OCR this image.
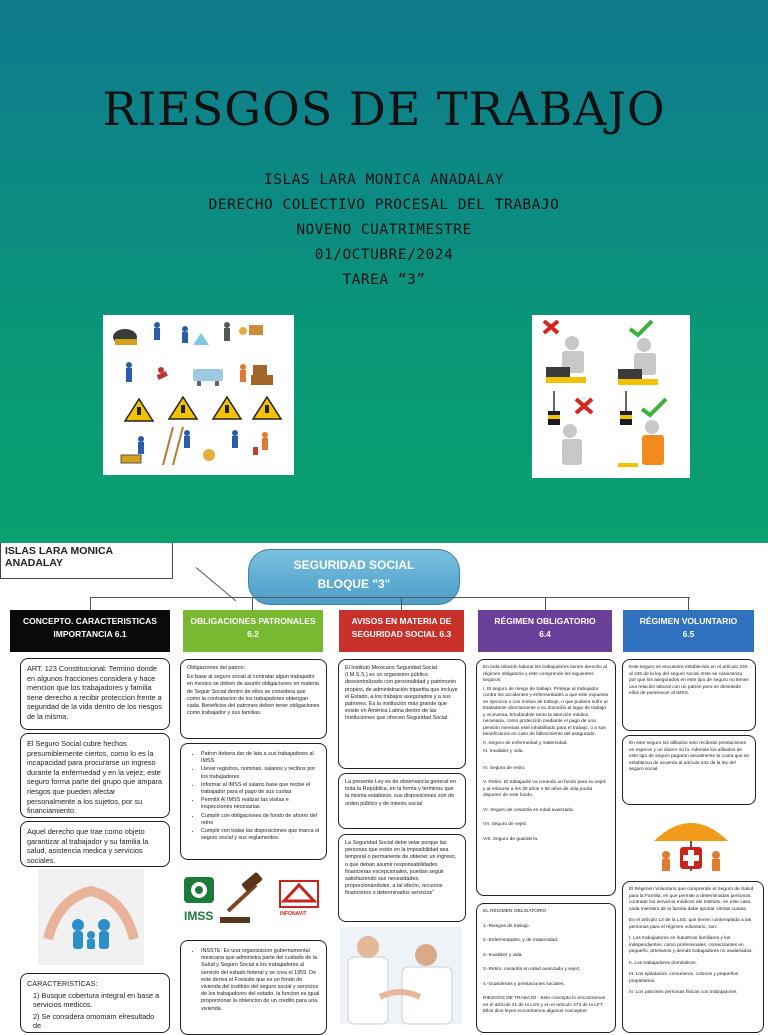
RIESGOS DE TRABAJO
ISLAS LARA MONICA ANADALAY
DERECHO COLECTIVO PROCESAL DEL TRABAJO
NOVENO CUATRIMESTRE
01/OCTUBRE/2024
TAREA “3”
ISLAS LARA MONICA ANADALAY	SEGURIDAD SOCIAL
BLOQUE "3"
CONCEPTO. CARACTERISTICAS
IMPORTANCIA 6.1
OBLIGACIONES PATRONALES
6.2
AVISOS EN MATERIA DE
SEGURIDAD SOCIAL 6.3
RÉGIMEN OBLIGATORIO
6.4
RÉGIMEN VOLUNTARIO
6.5

ART. 123 Constitucional: Termino donde en algunos fracciones considera y hace mencion que los trabajadores y familia tiene derecho a recibir proteccion frente a seguridad de la vida dentro de los riesgos de la misma.

El Seguro Social cubre hechos presumiblemente ciertos, como lo es la incapacidad para procurarse un ingreso durante la enfermedad y en la vejez; este seguro forma parte del grupo que ampara riesgos que pueden afectar personalmente a los sujetos, por su financiamiento.

Aquel derecho que trae como objeto garantizar al trabajador y su familia la salud, asistencia medica y servicios sociales.

CARACTERISTICAS:

1) Busque cobertura integral en base a servicios medicos.

2) Se considera omomam elresultado de

Obligaciones del patron:

En base al seguro social al contratar algun trabajador en mexico se deben de asumir obligaciones en materia de Seguir Social dentro de ellos se considera que como la contratacion de los trabajadores obtengan cada. Beneficios del patrones deben tener obligaciones como trabajador y sus familias.

• Patron debera dar de lata a sus trabajadores al IMSS
• Llevar registros, nominas, salarios y recibos por los trabajadores
• Informar al IMSS el salario base que recibe el trabajador para el pago de sus cuotas
• Permitir Al IMSS realizar las visitas e inspecciones necesarias
• Cumplir con obligaciones de fondo de ahorro del retiro
• Cumplir con todas las disposiciones que marca el seguro social y sus reglamentos.
IMSS	INFONAVIT
• INSSTE: Es una organizacion gubernamental mexicana que administra parte del cuidado de la Salud y Seguro Social a los trabajadores al servicio del estado federal y se crea el 1959. De este deriva el Fovisste que es un fondo de vivienda del instituto del seguro social y servicios de los trabajadores del estado, la funcion es igual proporcionar la obtencion de un credito para una vivienda.

El Instituto Mexicano Seguridad Social (I.M.S.S.) es un organismo público descentralizado con personalidad y patrimonio propios, de administración tripartita que incluye el Estado, a los trabajos asegurados y a sus patrones. Es la institución más grande que existe en América Latina dentro de las Instituciones que ofrecen Seguridad Social.

La presente Ley es de observancia general en toda la República, en la forma y términos que la misma establece, sus disposiciones son de orden público y de interés social

La Seguridad Social debe velar porque las personas que estén en la imposibilidad sea temporal o permanente de obtener un ingreso, o que deban asumir responsabilidades financieras excepcionales, puedan seguir satisfaciendo sus necesidades, proporcionándoles, a tal efecto, recursos financieros o determinados servicios"

En toda relación laboral los trabajadores tienen derecho al régimen obligatorio y este comprende los siguientes seguros:

I. El seguro de riesgo de trabajo. Protege al trabajador contra los accidentes y enfermedades a que este expuesto en ejercicio o con motivo de trabajo, o que pudiera sufrir al trasladarse directamente o su domicilio al lugar de trabajo y viceversa, brindándole tanto la atención médica necesaria, como protección mediante el pago de una pensión mientras esté inhabilitado para el trabajo, o a sus beneficiarios en caso de fallecimiento del asegurado.

II. Seguro de enfermedad y maternidad.

III. Invalidez y vida.

IV. Seguro de retiro.

V. Retiro. El trabajador va creando un fondo para su vejez y al retirarse a los 30 años o 60 años de vida podrá disponer de este fondo.

VI. Seguro de cesantía en edad avanzada.

VII. Seguro de vejez.

VIII. Seguro de guardería.

EL RÉGIMEN OBLIGATORIO

1.-Riesgos de trabajo.

2.-Enfermedades, y de maternidad.

3.-Invalidez y vida.

3.-Retiro, cesantía en edad avanzada y vejez.

4.-Guarderías y prestaciones sociales.

RIESGOS DE TRABAJO - Este concepto lo encontramos en el artículo 41 de la LSS y en el artículo 473 de la LFT. Ellos dice leyes encontramos algunos conceptos:

Este seguro se encuentra establecido en el artículo 240 al 245 de la ley del seguro social. Este se caracteriza por que los asegurados en este tipo de seguro no tienen una relación laboral con un patrón pero se deseasde ellos de pertenecer al IMSS.

En este seguro los afiliados solo recibirán prestaciones en especie y un dinero no lo. Además los afiliados de este tipo de seguro pagaran anualmente la cuota que se establezca de acuerdo al artículo 242 de la ley del seguro social.

El Régimen Voluntario que comprende el Seguro de Salud para la Familia, es que permite a determinadas personas, contratar los servicios médicos del Instituto, en este caso, cada miembro de la familia debe aportar ciertas cuotas.

En el artículo 13 de la LSS, que tienen contemplada a las personas para el régimen voluntario, son:

I. Los trabajadores en industrias familiares y los independientes, como profesionales, comerciantes en pequeño, artesanos y demás trabajadores no asalariados.

II. Los trabajadores domésticos.

III. Los ejidatarios, comuneros, colonos y pequeños propietarios.

IV. Los patrones personas físicas con trabajadores
